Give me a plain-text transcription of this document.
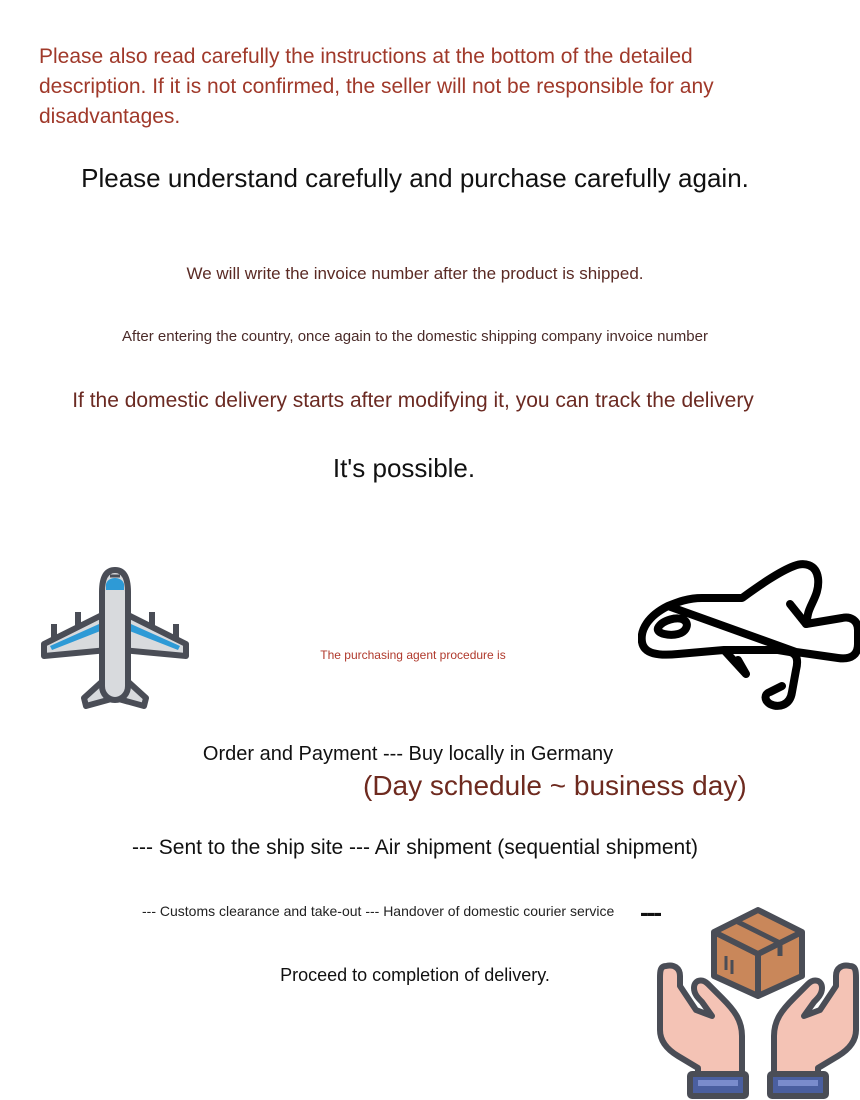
Please also read carefully the instructions at the bottom of the detailed description. If it is not confirmed, the seller will not be responsible for any disadvantages.
Please understand carefully and purchase carefully again.
We will write the invoice number after the product is shipped.
After entering the country, once again to the domestic shipping company invoice number
If the domestic delivery starts after modifying it, you can track the delivery
It's possible.
The purchasing agent procedure is
Order and Payment --- Buy locally in Germany
(Day schedule ~ business day)
--- Sent to the ship site --- Air shipment (sequential shipment)
--- Customs clearance and take-out --- Handover of domestic courier service ---
Proceed to completion of delivery.
